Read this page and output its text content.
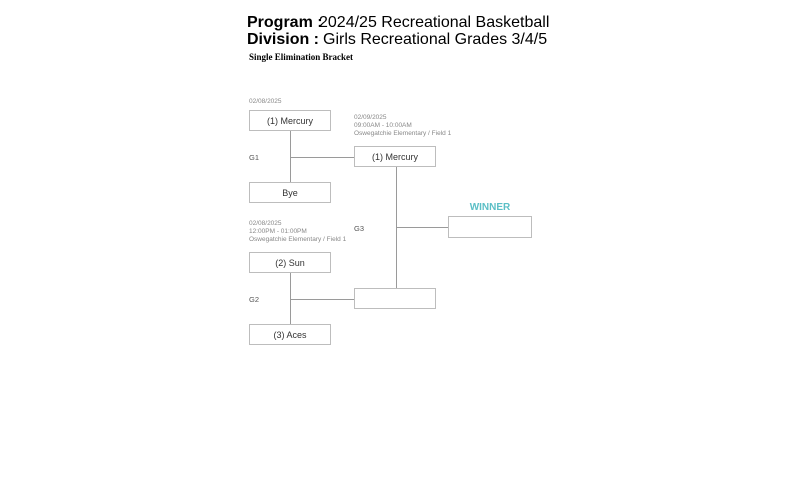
Program :2024/25 Recreational Basketball
Division : Girls Recreational Grades 3/4/5
Single Elimination Bracket
02/08/2025
(1) Mercury
G1
Bye
02/08/2025
12:00PM - 01:00PM
Oswegatchie Elementary / Field 1
(2) Sun
G2
(3) Aces
02/09/2025
09:00AM - 10:00AM
Oswegatchie Elementary / Field 1
(1) Mercury
G3
WINNER
